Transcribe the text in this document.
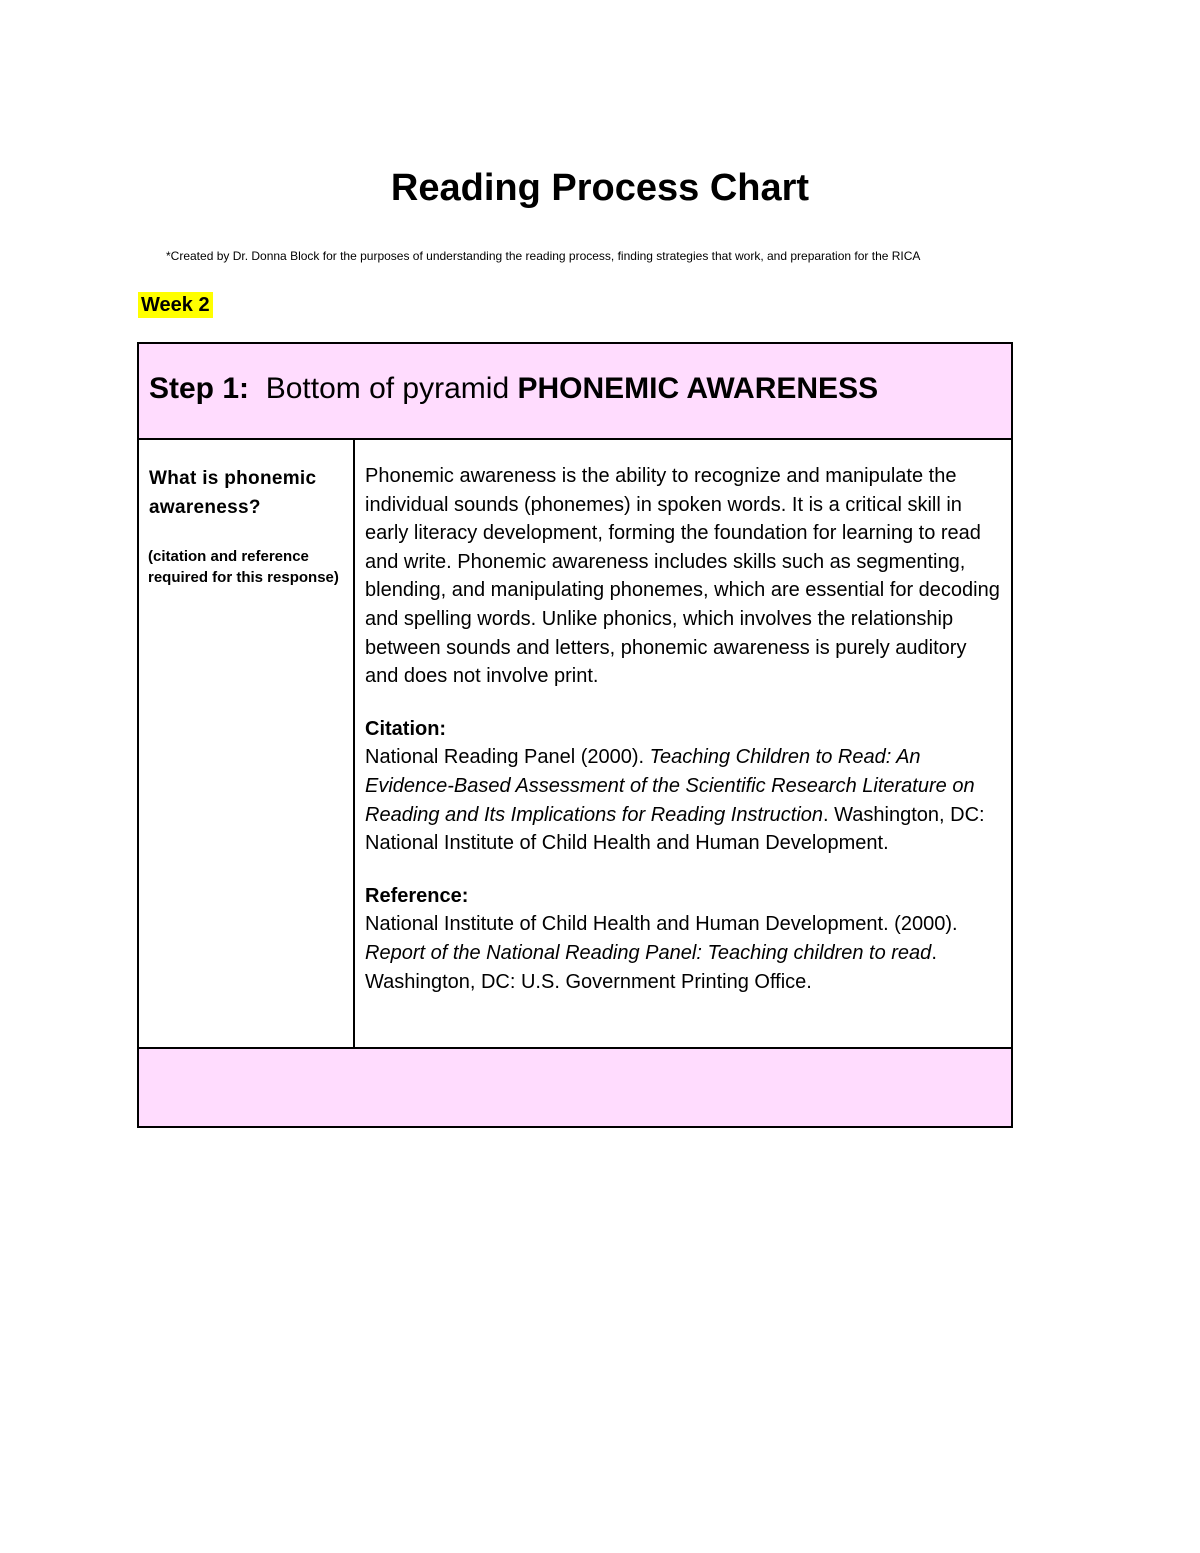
Reading Process Chart

*Created by Dr. Donna Block for the purposes of understanding the reading process, finding strategies that work, and preparation for the RICA

Week 2

Step 1: Bottom of pyramid PHONEMIC AWARENESS
What is phonemic awareness?
(citation and reference required for this response)

Phonemic awareness is the ability to recognize and manipulate the individual sounds (phonemes) in spoken words. It is a critical skill in early literacy development, forming the foundation for learning to read and write. Phonemic awareness includes skills such as segmenting, blending, and manipulating phonemes, which are essential for decoding and spelling words. Unlike phonics, which involves the relationship between sounds and letters, phonemic awareness is purely auditory and does not involve print.

Citation:

National Reading Panel (2000). Teaching Children to Read: An Evidence-Based Assessment of the Scientific Research Literature on Reading and Its Implications for Reading Instruction. Washington, DC: National Institute of Child Health and Human Development.

Reference:

National Institute of Child Health and Human Development. (2000). Report of the National Reading Panel: Teaching children to read. Washington, DC: U.S. Government Printing Office.
